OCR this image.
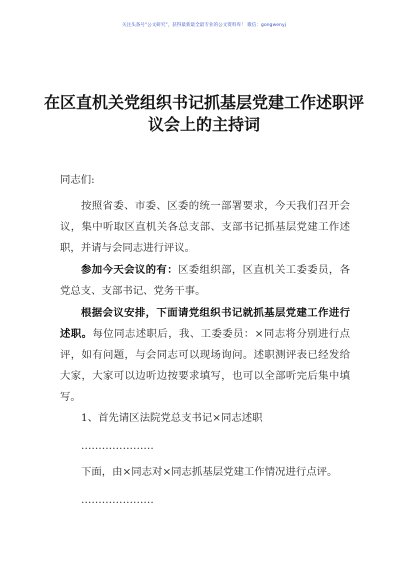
关注头条号"公文研究"，获得最新最全最专业的公文资料库！ 微信：gongwenyj
在区直机关党组织书记抓基层党建工作述职评议会上的主持词
同志们:
按照省委、市委、区委的统一部署要求，今天我们召开会议，集中听取区直机关各总支部、支部书记抓基层党建工作述职，并请与会同志进行评议。
参加今天会议的有：区委组织部，区直机关工委委员，各党总支、支部书记、党务干事。
根据会议安排，下面请党组织书记就抓基层党建工作进行述职。每位同志述职后，我、工委委员：×同志将分别进行点评，如有问题，与会同志可以现场询问。述职测评表已经发给大家，大家可以边听边按要求填写，也可以全部听完后集中填写。
1、首先请区法院党总支书记×同志述职
…………………
下面，由×同志对×同志抓基层党建工作情况进行点评。
…………………
